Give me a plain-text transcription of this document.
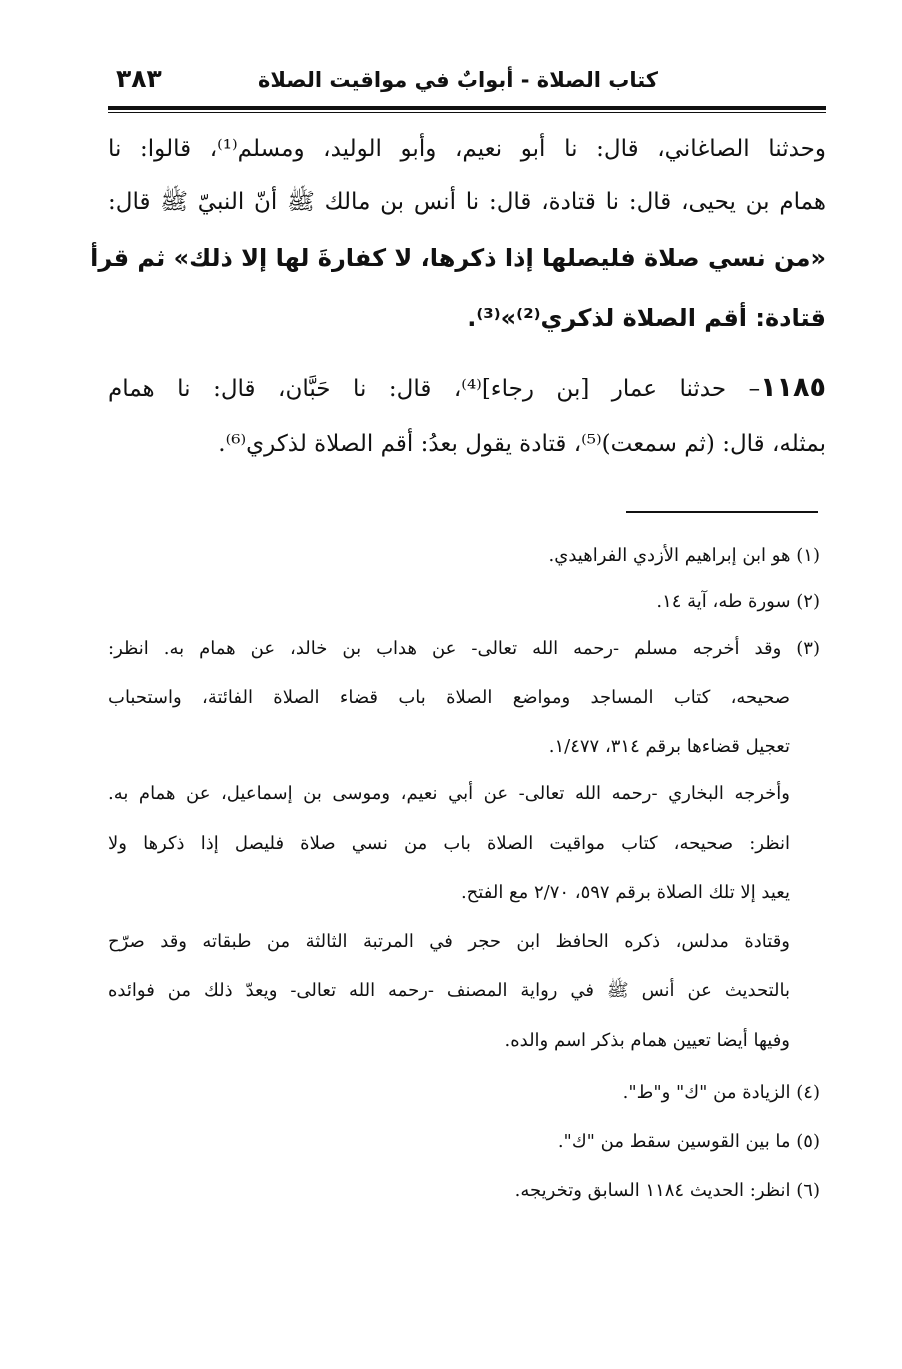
كتاب الصلاة - أبوابٌ في مواقيت الصلاة
٣٨٣
وحدثنا الصاغاني، قال: نا أبو نعيم، وأبو الوليد، ومسلم⁽¹⁾، قالوا: نا
همام بن يحيى، قال: نا قتادة، قال: نا أنس بن مالك ﷺ أنّ النبيّ ﷺ قال:
«من نسي صلاة فليصلها إذا ذكرها، لا كفارةَ لها إلا ذلك» ثم قرأ
قتادة: أقم الصلاة لذكري⁽²⁾»⁽³⁾.
١١٨٥– حدثنا عمار [بن رجاء]⁽⁴⁾، قال: نا حَبَّان، قال: نا همام
بمثله، قال: (ثم سمعت)⁽⁵⁾، قتادة يقول بعدُ: أقم الصلاة لذكري⁽⁶⁾.
(١) هو ابن إبراهيم الأزدي الفراهيدي.
(٢) سورة طه، آية ١٤.
(٣) وقد أخرجه مسلم -رحمه الله تعالى- عن هداب بن خالد، عن همام به. انظر:
صحيحه، كتاب المساجد ومواضع الصلاة باب قضاء الصلاة الفائتة، واستحباب
تعجيل قضاءها برقم ٣١٤، ١/٤٧٧.
وأخرجه البخاري -رحمه الله تعالى- عن أبي نعيم، وموسى بن إسماعيل، عن همام به.
انظر: صحيحه، كتاب مواقيت الصلاة باب من نسي صلاة فليصل إذا ذكرها ولا
يعيد إلا تلك الصلاة برقم ٥٩٧، ٢/٧٠ مع الفتح.
وقتادة مدلس، ذكره الحافظ ابن حجر في المرتبة الثالثة من طبقاته وقد صرّح
بالتحديث عن أنس ﷺ في رواية المصنف -رحمه الله تعالى- ويعدّ ذلك من فوائده
وفيها أيضا تعيين همام بذكر اسم والده.
(٤) الزيادة من "ك" و"ط".
(٥) ما بين القوسين سقط من "ك".
(٦) انظر: الحديث ١١٨٤ السابق وتخريجه.
